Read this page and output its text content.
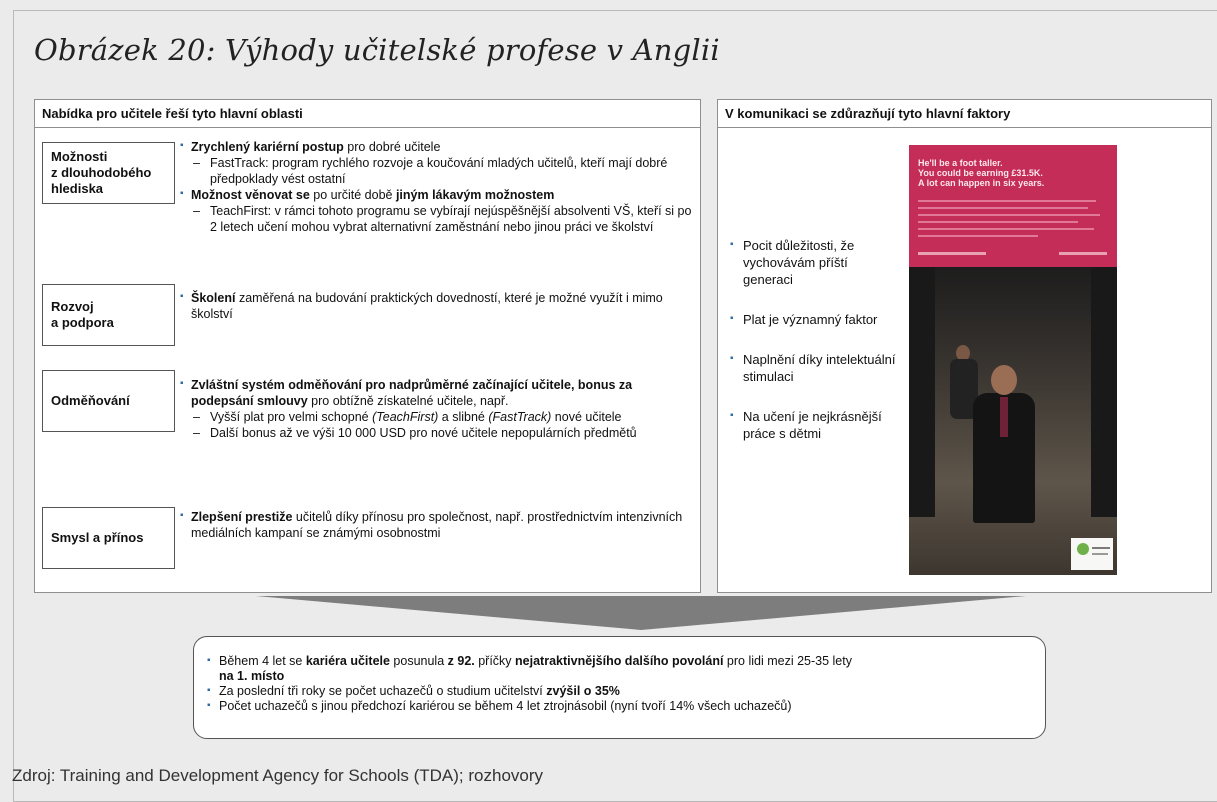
Obrázek 20: Výhody učitelské profese v Anglii
Nabídka pro učitele řeší tyto hlavní oblasti
Možnosti
z dlouhodobého
hlediska
▪ Zrychlený kariérní postup pro dobré učitele
– FastTrack: program rychlého rozvoje a koučování mladých učitelů, kteří mají dobré předpoklady vést ostatní
▪ Možnost věnovat se po určité době jiným lákavým možnostem
– TeachFirst: v rámci tohoto programu se vybírají nejúspěšnější absolventi VŠ, kteří si po 2 letech učení mohou vybrat alternativní zaměstnání nebo jinou práci ve školství
Rozvoj
a podpora
▪ Školení zaměřená na budování praktických dovedností, které je možné využít i mimo školství
Odměňování
▪ Zvláštní systém odměňování pro nadprůměrné začínající učitele, bonus za podepsání smlouvy pro obtížně získatelné učitele, např.
– Vyšší plat pro velmi schopné (TeachFirst) a slibné (FastTrack) nové učitele
– Další bonus až ve výši 10 000 USD pro nové učitele nepopulárních předmětů
Smysl a přínos
▪ Zlepšení prestiže učitelů díky přínosu pro společnost, např. prostřednictvím intenzivních mediálních kampaní se známými osobnostmi
V komunikaci se zdůrazňují tyto hlavní faktory
▪ Pocit důležitosti, že vychovávám příští generaci
▪ Plat je významný faktor
▪ Naplnění díky intelektuální stimulaci
▪ Na učení je nejkrásnější práce s dětmi
He'll be a foot taller.
You could be earning £31.5K.
A lot can happen in six years.
▪ Během 4 let se kariéra učitele posunula z 92. příčky nejatraktivnějšího dalšího povolání pro lidi mezi 25-35 lety
na 1. místo
▪ Za poslední tři roky se počet uchazečů o studium učitelství zvýšil o 35%
▪ Počet uchazečů s jinou předchozí kariérou se během 4 let ztrojnásobil (nyní tvoří 14% všech uchazečů)
Zdroj: Training and Development Agency for Schools (TDA); rozhovory
